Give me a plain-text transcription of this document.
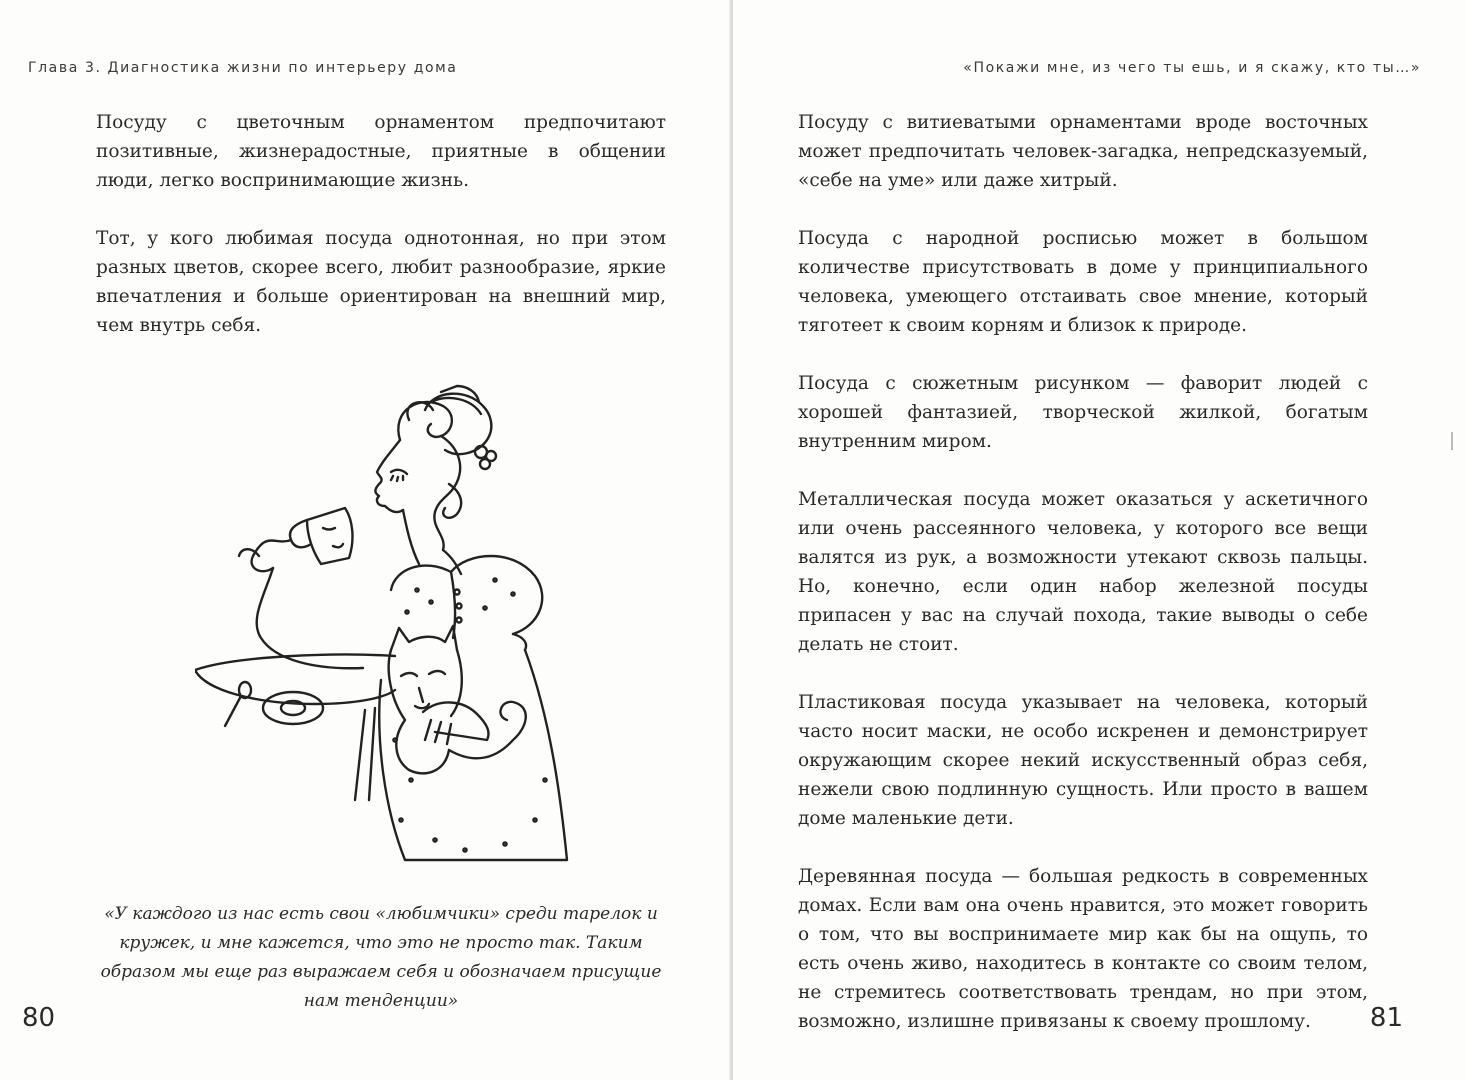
Глава 3. Диагностика жизни по интерьеру дома

Посуду с цветочным орнаментом предпочитают позитивные, жизнерадостные, приятные в общении люди, легко воспринимающие жизнь.

Тот, у кого любимая посуда однотонная, но при этом разных цветов, скорее всего, любит разнообразие, яркие впечатления и больше ориентирован на внешний мир, чем внутрь себя.

«У каждого из нас есть свои «любимчики» среди тарелок и кружек, и мне кажется, что это не просто так. Таким образом мы еще раз выражаем себя и обозначаем присущие нам тенденции»
80
«Покажи мне, из чего ты ешь, и я скажу, кто ты…»

Посуду с витиеватыми орнаментами вроде восточных может предпочитать человек-загадка, непредсказуемый, «себе на уме» или даже хитрый.

Посуда с народной росписью может в большом количестве присутствовать в доме у принципиального человека, умеющего отстаивать свое мнение, который тяготеет к своим корням и близок к природе.

Посуда с сюжетным рисунком — фаворит людей с хорошей фантазией, творческой жилкой, богатым внутренним миром.

Металлическая посуда может оказаться у аскетичного или очень рассеянного человека, у которого все вещи валятся из рук, а возможности утекают сквозь пальцы. Но, конечно, если один набор железной посуды припасен у вас на случай похода, такие выводы о себе делать не стоит.

Пластиковая посуда указывает на человека, который часто носит маски, не особо искренен и демонстрирует окружающим скорее некий искусственный образ себя, нежели свою подлинную сущность. Или просто в вашем доме маленькие дети.

Деревянная посуда — большая редкость в современных домах. Если вам она очень нравится, это может говорить о том, что вы воспринимаете мир как бы на ощупь, то есть очень живо, находитесь в контакте со своим телом, не стремитесь соответствовать трендам, но при этом, возможно, излишне привязаны к своему прошлому.	81
